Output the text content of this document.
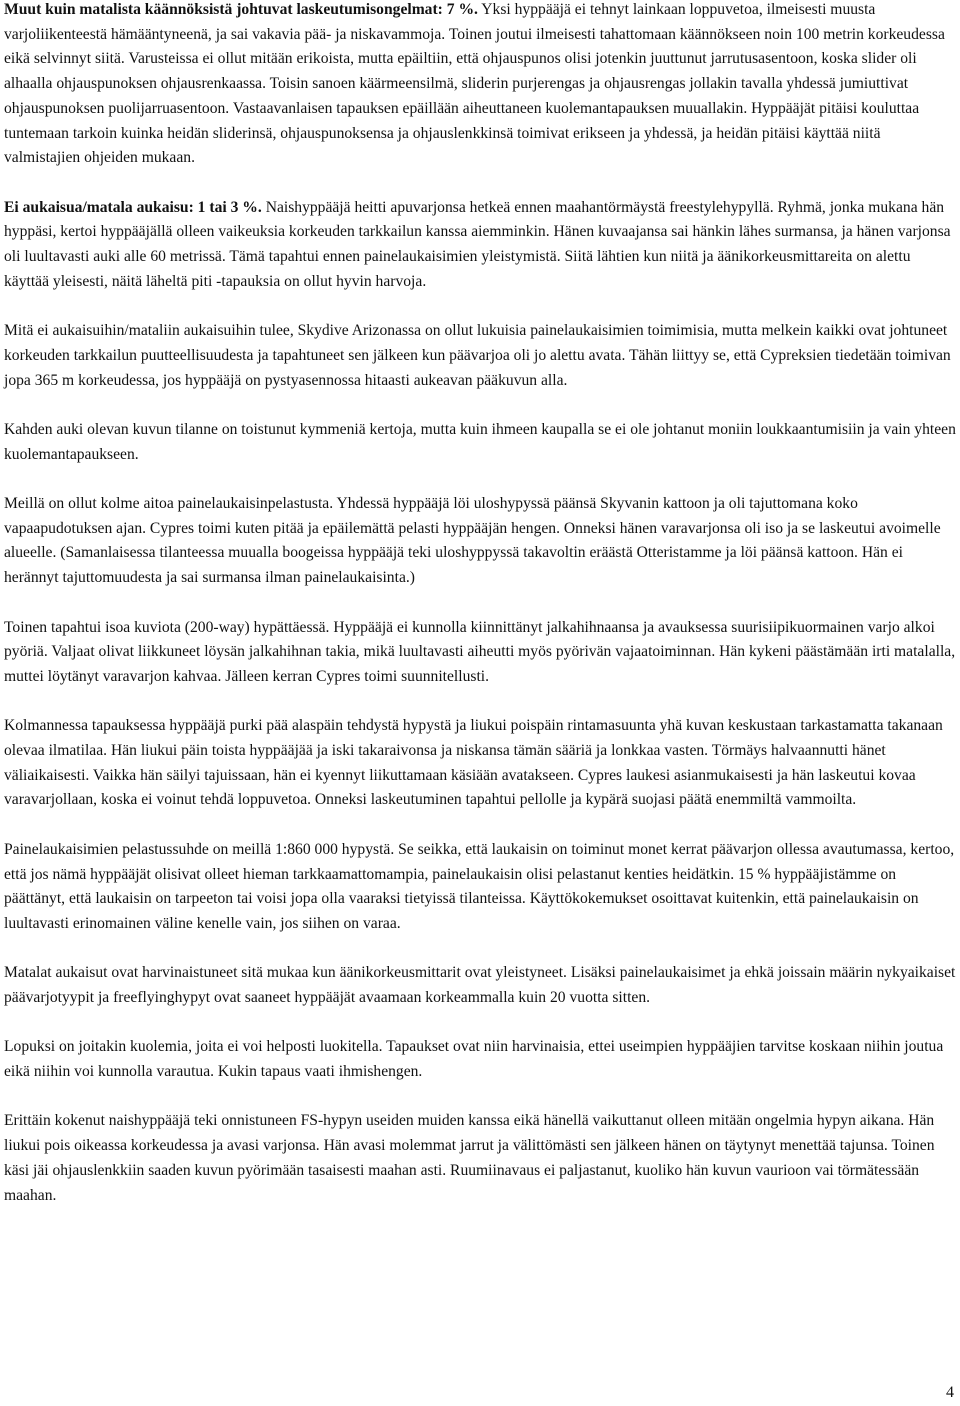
Muut kuin matalista käännöksistä johtuvat laskeutumisongelmat: 7 %. Yksi hyppääjä ei tehnyt lainkaan loppuvetoa, ilmeisesti muusta varjoliikenteestä hämääntyneenä, ja sai vakavia pää- ja niskavammoja. Toinen joutui ilmeisesti tahattomaan käännökseen noin 100 metrin korkeudessa eikä selvinnyt siitä. Varusteissa ei ollut mitään erikoista, mutta epäiltiin, että ohjauspunos olisi jotenkin juuttunut jarrutusasentoon, koska slider oli alhaalla ohjauspunoksen ohjausrenkaassa. Toisin sanoen käärmeensilmä, sliderin purjerengas ja ohjausrengas jollakin tavalla yhdessä jumiuttivat ohjauspunoksen puolijarruasentoon. Vastaavanlaisen tapauksen epäillään aiheuttaneen kuolemantapauksen muuallakin. Hyppääjät pitäisi kouluttaa tuntemaan tarkoin kuinka heidän sliderinsä, ohjauspunoksensa ja ohjauslenkkinsä toimivat erikseen ja yhdessä, ja heidän pitäisi käyttää niitä valmistajien ohjeiden mukaan.

Ei aukaisua/matala aukaisu: 1 tai 3 %. Naishyppääjä heitti apuvarjonsa hetkeä ennen maahantörmäystä freestylehypyllä. Ryhmä, jonka mukana hän hyppäsi, kertoi hyppääjällä olleen vaikeuksia korkeuden tarkkailun kanssa aiemminkin. Hänen kuvaajansa sai hänkin lähes surmansa, ja hänen varjonsa oli luultavasti auki alle 60 metrissä. Tämä tapahtui ennen painelaukaisimien yleistymistä. Siitä lähtien kun niitä ja äänikorkeusmittareita on alettu käyttää yleisesti, näitä läheltä piti -tapauksia on ollut hyvin harvoja.

Mitä ei aukaisuihin/mataliin aukaisuihin tulee, Skydive Arizonassa on ollut lukuisia painelaukaisimien toimimisia, mutta melkein kaikki ovat johtuneet korkeuden tarkkailun puutteellisuudesta ja tapahtuneet sen jälkeen kun päävarjoa oli jo alettu avata. Tähän liittyy se, että Cypreksien tiedetään toimivan jopa 365 m korkeudessa, jos hyppääjä on pystyasennossa hitaasti aukeavan pääkuvun alla.

Kahden auki olevan kuvun tilanne on toistunut kymmeniä kertoja, mutta kuin ihmeen kaupalla se ei ole johtanut moniin loukkaantumisiin ja vain yhteen kuolemantapaukseen.

Meillä on ollut kolme aitoa painelaukaisinpelastusta. Yhdessä hyppääjä löi uloshypyssä päänsä Skyvanin kattoon ja oli tajuttomana koko vapaapudotuksen ajan. Cypres toimi kuten pitää ja epäilemättä pelasti hyppääjän hengen. Onneksi hänen varavarjonsa oli iso ja se laskeutui avoimelle alueelle. (Samanlaisessa tilanteessa muualla boogeissa hyppääjä teki uloshyppyssä takavoltin eräästä Otteristamme ja löi päänsä kattoon. Hän ei herännyt tajuttomuudesta ja sai surmansa ilman painelaukaisinta.)

Toinen tapahtui isoa kuviota (200-way) hypättäessä. Hyppääjä ei kunnolla kiinnittänyt jalkahihnaansa ja avauksessa suurisiipikuormainen varjo alkoi pyöriä. Valjaat olivat liikkuneet löysän jalkahihnan takia, mikä luultavasti aiheutti myös pyörivän vajaatoiminnan. Hän kykeni päästämään irti matalalla, muttei löytänyt varavarjon kahvaa. Jälleen kerran Cypres toimi suunnitellusti.

Kolmannessa tapauksessa hyppääjä purki pää alaspäin tehdystä hypystä ja liukui poispäin rintamasuunta yhä kuvan keskustaan tarkastamatta takanaan olevaa ilmatilaa. Hän liukui päin toista hyppääjää ja iski takaraivonsa ja niskansa tämän sääriä ja lonkkaa vasten. Törmäys halvaannutti hänet väliaikaisesti. Vaikka hän säilyi tajuissaan, hän ei kyennyt liikuttamaan käsiään avatakseen. Cypres laukesi asianmukaisesti ja hän laskeutui kovaa varavarjollaan, koska ei voinut tehdä loppuvetoa. Onneksi laskeutuminen tapahtui pellolle ja kypärä suojasi päätä enemmiltä vammoilta.

Painelaukaisimien pelastussuhde on meillä 1:860 000 hypystä. Se seikka, että laukaisin on toiminut monet kerrat päävarjon ollessa avautumassa, kertoo, että jos nämä hyppääjät olisivat olleet hieman tarkkaamattomampia, painelaukaisin olisi pelastanut kenties heidätkin. 15 % hyppääjistämme on päättänyt, että laukaisin on tarpeeton tai voisi jopa olla vaaraksi tietyissä tilanteissa. Käyttökokemukset osoittavat kuitenkin, että painelaukaisin on luultavasti erinomainen väline kenelle vain, jos siihen on varaa.

Matalat aukaisut ovat harvinaistuneet sitä mukaa kun äänikorkeusmittarit ovat yleistyneet. Lisäksi painelaukaisimet ja ehkä joissain määrin nykyaikaiset päävarjotyypit ja freeflyinghypyt ovat saaneet hyppääjät avaamaan korkeammalla kuin 20 vuotta sitten.

Lopuksi on joitakin kuolemia, joita ei voi helposti luokitella. Tapaukset ovat niin harvinaisia, ettei useimpien hyppääjien tarvitse koskaan niihin joutua eikä niihin voi kunnolla varautua. Kukin tapaus vaati ihmishengen.

Erittäin kokenut naishyppääjä teki onnistuneen FS-hypyn useiden muiden kanssa eikä hänellä vaikuttanut olleen mitään ongelmia hypyn aikana. Hän liukui pois oikeassa korkeudessa ja avasi varjonsa. Hän avasi molemmat jarrut ja välittömästi sen jälkeen hänen on täytynyt menettää tajunsa. Toinen käsi jäi ohjauslenkkiin saaden kuvun pyörimään tasaisesti maahan asti. Ruumiinavaus ei paljastanut, kuoliko hän kuvun vaurioon vai törmätessään maahan.

4
